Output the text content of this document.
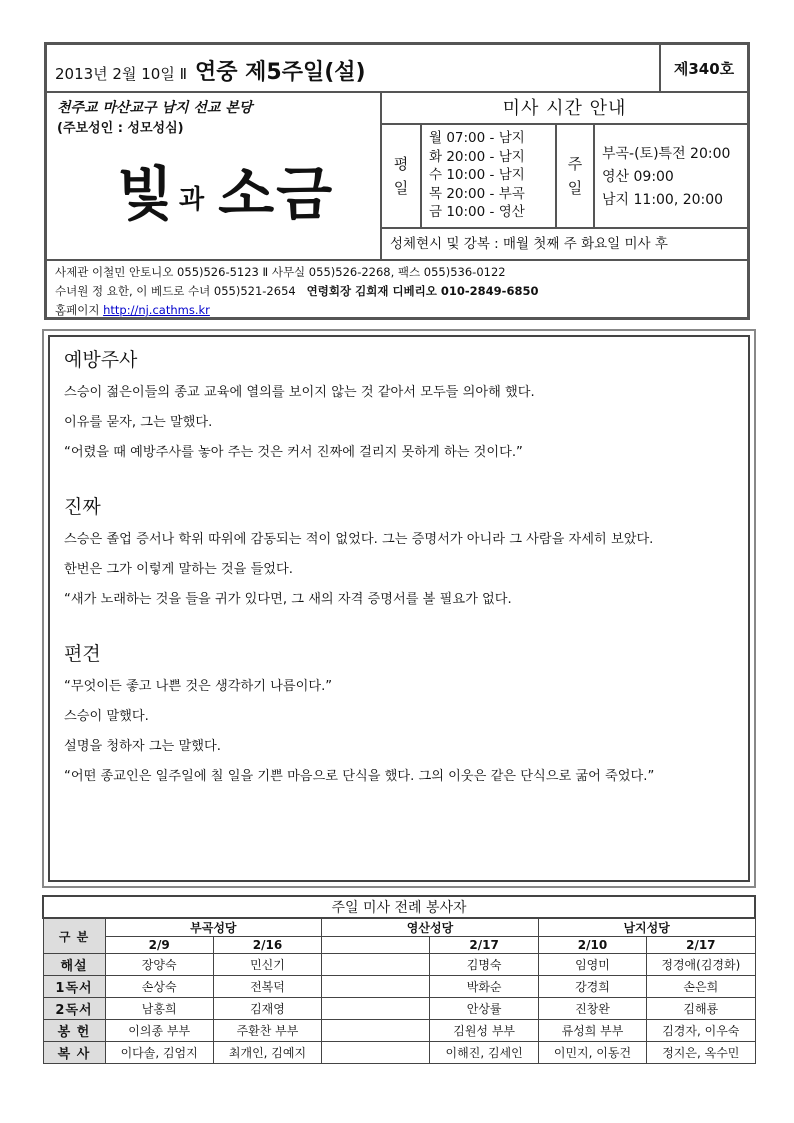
2013년 2월 10일 Ⅱ 연중 제5주일(설)	제340호
천주교 마산교구 남지 선교 본당
(주보성인 : 성모성심)
빛과 소금
미사 시간 안내
평
일
월 07:00 - 남지
화 20:00 - 남지
수 10:00 - 남지
목 20:00 - 부곡
금 10:00 - 영산
주
일
부곡-(토)특전 20:00
영산 09:00
남지 11:00, 20:00
성체현시 및 강복 : 매월 첫째 주 화요일 미사 후
사제관 이철민 안토니오 055)526-5123 Ⅱ 사무실 055)526-2268, 팩스 055)536-0122
수녀원 정 요한, 이 베드로 수녀 055)521-2654 연령회장 김희재 디베리오 010-2849-6850
홈페이지 http://nj.cathms.kr
예방주사

스승이 젊은이들의 종교 교육에 열의를 보이지 않는 것 같아서 모두들 의아해 했다.

이유를 묻자, 그는 말했다.

“어렸을 때 예방주사를 놓아 주는 것은 커서 진짜에 걸리지 못하게 하는 것이다.”

진짜

스승은 졸업 증서나 학위 따위에 감동되는 적이 없었다. 그는 증명서가 아니라 그 사람을 자세히 보았다.

한번은 그가 이렇게 말하는 것을 들었다.

“새가 노래하는 것을 들을 귀가 있다면, 그 새의 자격 증명서를 볼 필요가 없다.

편견

“무엇이든 좋고 나쁜 것은 생각하기 나름이다.”

스승이 말했다.

설명을 청하자 그는 말했다.

“어떤 종교인은 일주일에 칠 일을 기쁜 마음으로 단식을 했다. 그의 이웃은 같은 단식으로 굶어 죽었다.”

주일 미사 전례 봉사자						
구 분	부곡성당		영산성당		남지성당	
	2/9	2/16		2/17	2/10	2/17
해설	장양숙	민신기		김명숙	임영미	정경애(김경화)
1독서	손상숙	전복덕		박화순	강경희	손은희
2독서	남홍희	김재영		안상률	진창완	김해룡
봉 헌	이의종 부부	주환찬 부부		김원성 부부	류성희 부부	김경자, 이우숙
복 사	이다솔, 김엄지	최개인, 김예지		이해진, 김세인	이민지, 이동건	정지은, 옥수민
